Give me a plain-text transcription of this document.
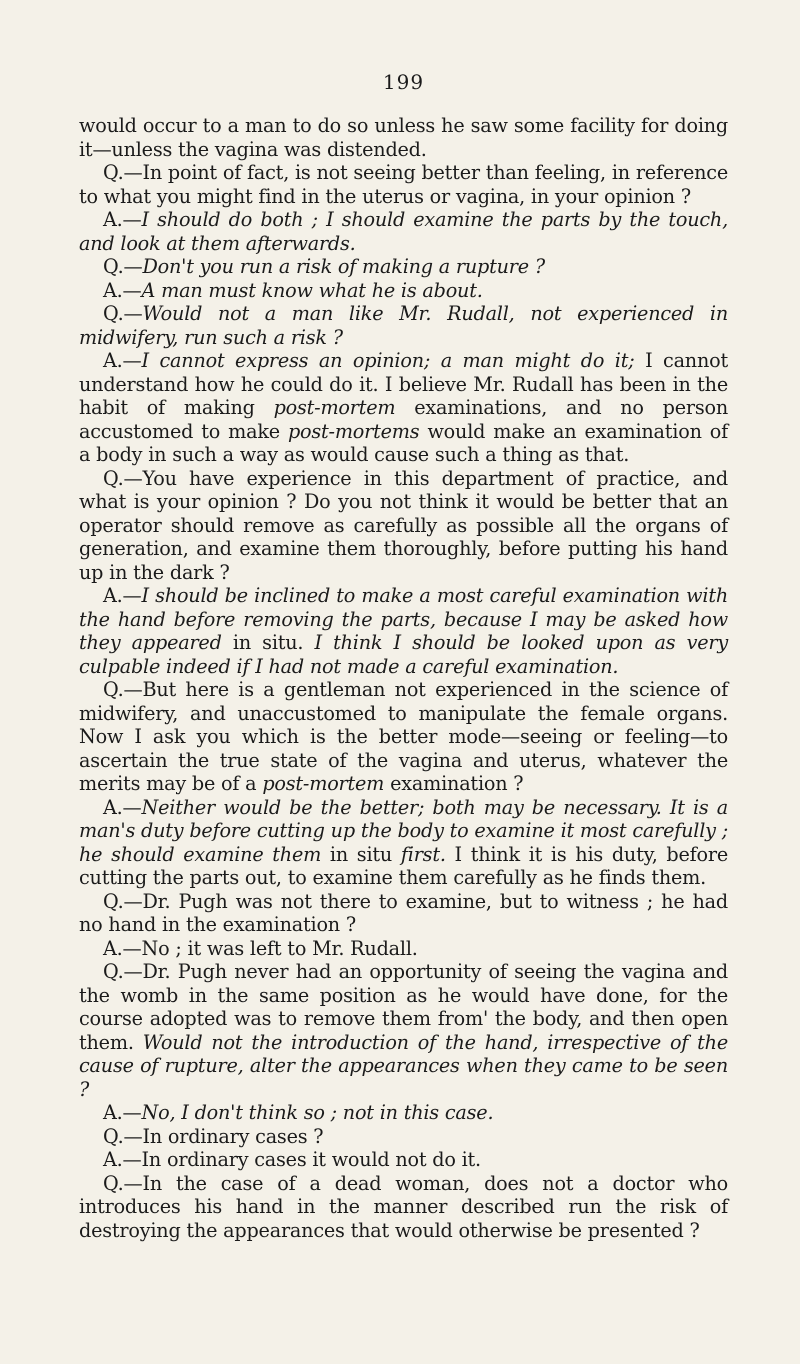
199

would occur to a man to do so unless he saw some facility for doing it—unless the vagina was distended.

Q.—In point of fact, is not seeing better than feeling, in reference to what you might find in the uterus or vagina, in your opinion ?

A.—I should do both ; I should examine the parts by the touch, and look at them afterwards.

Q.—Don't you run a risk of making a rupture ?

A.—A man must know what he is about.

Q.—Would not a man like Mr. Rudall, not experienced in midwifery, run such a risk ?

A.—I cannot express an opinion; a man might do it; I cannot understand how he could do it. I believe Mr. Rudall has been in the habit of making post-mortem examinations, and no person accustomed to make post-mortems would make an examination of a body in such a way as would cause such a thing as that.

Q.—You have experience in this department of practice, and what is your opinion ? Do you not think it would be better that an operator should remove as carefully as possible all the organs of generation, and examine them thoroughly, before putting his hand up in the dark ?

A.—I should be inclined to make a most careful examination with the hand before removing the parts, because I may be asked how they appeared in situ. I think I should be looked upon as very culpable indeed if I had not made a careful examination.

Q.—But here is a gentleman not experienced in the science of midwifery, and unaccustomed to manipulate the female organs. Now I ask you which is the better mode—seeing or feeling—to ascertain the true state of the vagina and uterus, whatever the merits may be of a post-mortem examination ?

A.—Neither would be the better; both may be necessary. It is a man's duty before cutting up the body to examine it most carefully ; he should examine them in situ first. I think it is his duty, before cutting the parts out, to examine them carefully as he finds them.

Q.—Dr. Pugh was not there to examine, but to witness ; he had no hand in the examination ?

A.—No ; it was left to Mr. Rudall.

Q.—Dr. Pugh never had an opportunity of seeing the vagina and the womb in the same position as he would have done, for the course adopted was to remove them from' the body, and then open them. Would not the introduction of the hand, irrespective of the cause of rupture, alter the appearances when they came to be seen ?

A.—No, I don't think so ; not in this case.

Q.—In ordinary cases ?

A.—In ordinary cases it would not do it.

Q.—In the case of a dead woman, does not a doctor who introduces his hand in the manner described run the risk of destroying the appearances that would otherwise be presented ?
